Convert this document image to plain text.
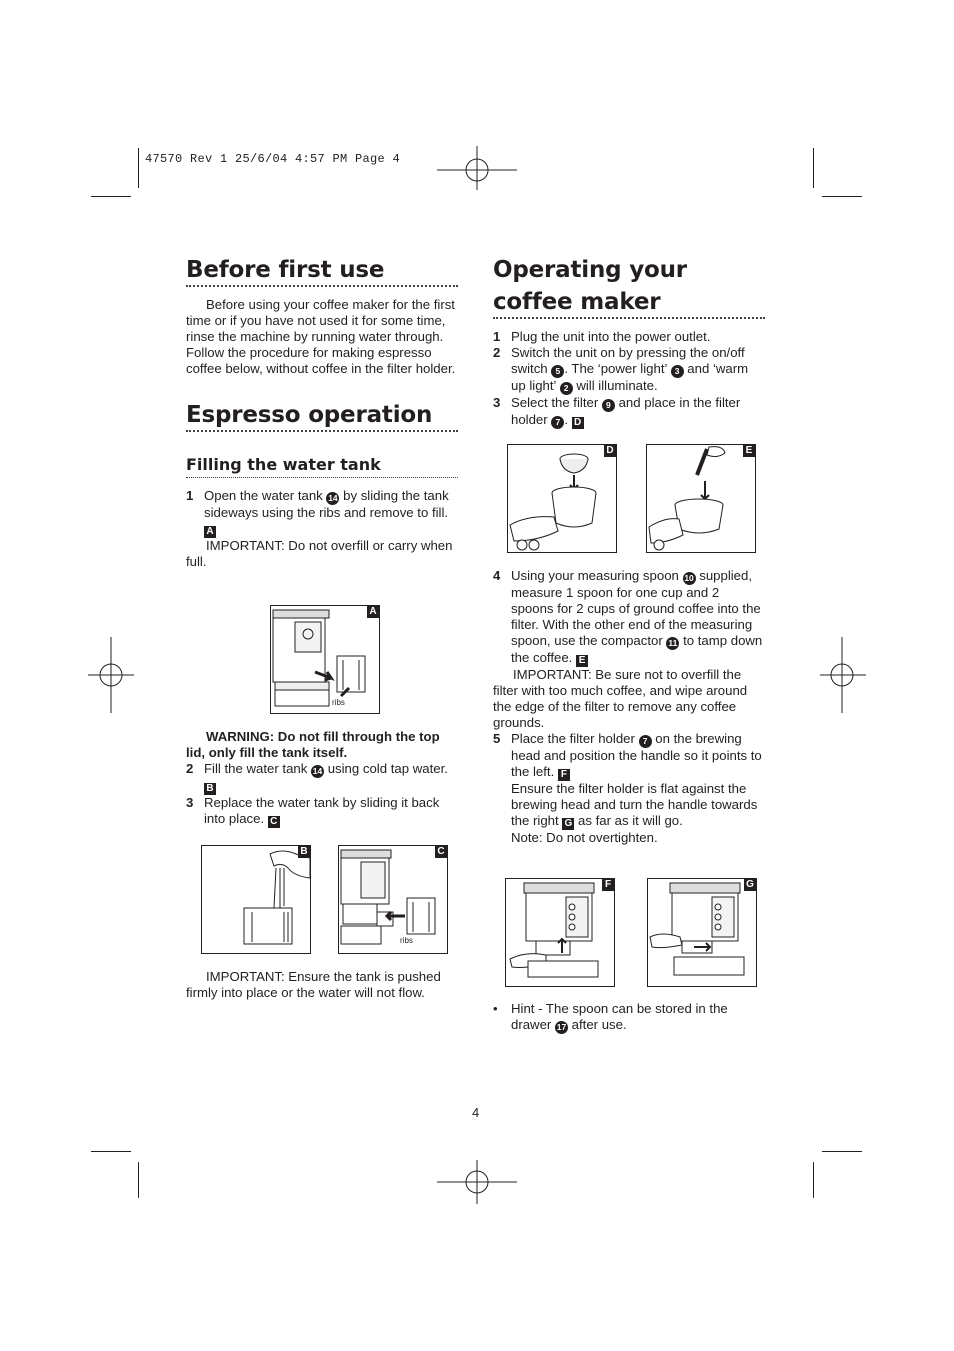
47570 Rev 1 25/6/04 4:57 PM Page 4
Before first use

Before using your coffee maker for the first time or if you have not used it for some time, rinse the machine by running water through. Follow the procedure for making espresso coffee below, without coffee in the filter holder.

Espresso operation
Filling the water tank
1 Open the water tank 14 by sliding the tank sideways using the ribs and remove to fill. A

IMPORTANT: Do not overfill or carry when full.

A
ribs

WARNING: Do not fill through the top lid, only fill the tank itself.

2 Fill the water tank 14 using cold tap water. B
3 Replace the water tank by sliding it back into place. C
B	C
ribs

IMPORTANT: Ensure the tank is pushed firmly into place or the water will not flow.

Operating your coffee maker
1 Plug the unit into the power outlet.
2 Switch the unit on by pressing the on/off switch 5 . The ‘power light’ 3 and ‘warm up light’ 2 will illuminate.
3 Select the filter 9 and place in the filter holder 7 . D
D	E
4 Using your measuring spoon 10 supplied, measure 1 spoon for one cup and 2 spoons for 2 cups of ground coffee into the filter. With the other end of the measuring spoon, use the compactor 11 to tamp down the coffee. E

IMPORTANT: Be sure not to overfill the filter with too much coffee, and wipe around the edge of the filter to remove any coffee grounds.

5 Place the filter holder 7 on the brewing head and position the handle so it points to the left. F
Ensure the filter holder is flat against the brewing head and turn the handle towards the right G as far as it will go.
Note: Do not overtighten.
F	G
• Hint - The spoon can be stored in the drawer 17 after use.
4
